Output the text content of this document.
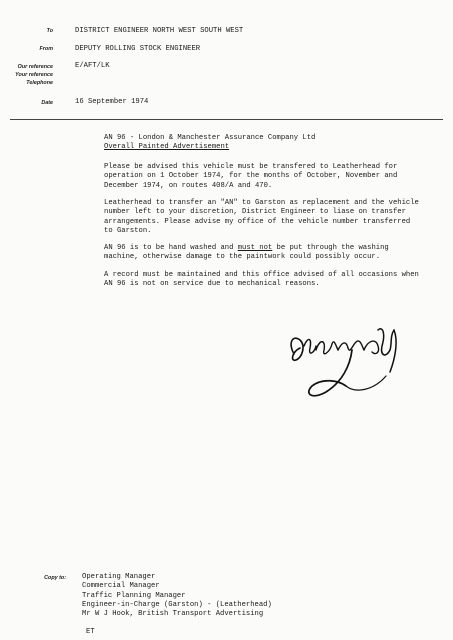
To	DISTRICT ENGINEER NORTH WEST SOUTH WEST
From	DEPUTY ROLLING STOCK ENGINEER
Our reference	E/AFT/LK
Your reference
Telephone
Date	16 September 1974
AN 96 - London & Manchester Assurance Company Ltd
Overall Painted Advertisement
Please be advised this vehicle must be transfered to Leatherhead for
operation on 1 October 1974, for the months of October, November and
December 1974, on routes 408/A and 470.
Leatherhead to transfer an "AN" to Garston as replacement and the vehicle
number left to your discretion, District Engineer to liase on transfer
arrangements. Please advise my office of the vehicle number transferred
to Garston.
AN 96 is to be hand washed and must not be put through the washing
machine, otherwise damage to the paintwork could possibly occur.
A record must be maintained and this office advised of all occasions when
AN 96 is not on service due to mechanical reasons.
Copy to: Operating Manager
Commercial Manager
Traffic Planning Manager
Engineer-in-Charge (Garston) - (Leatherhead)
Mr W J Hook, British Transport Advertising
ET
